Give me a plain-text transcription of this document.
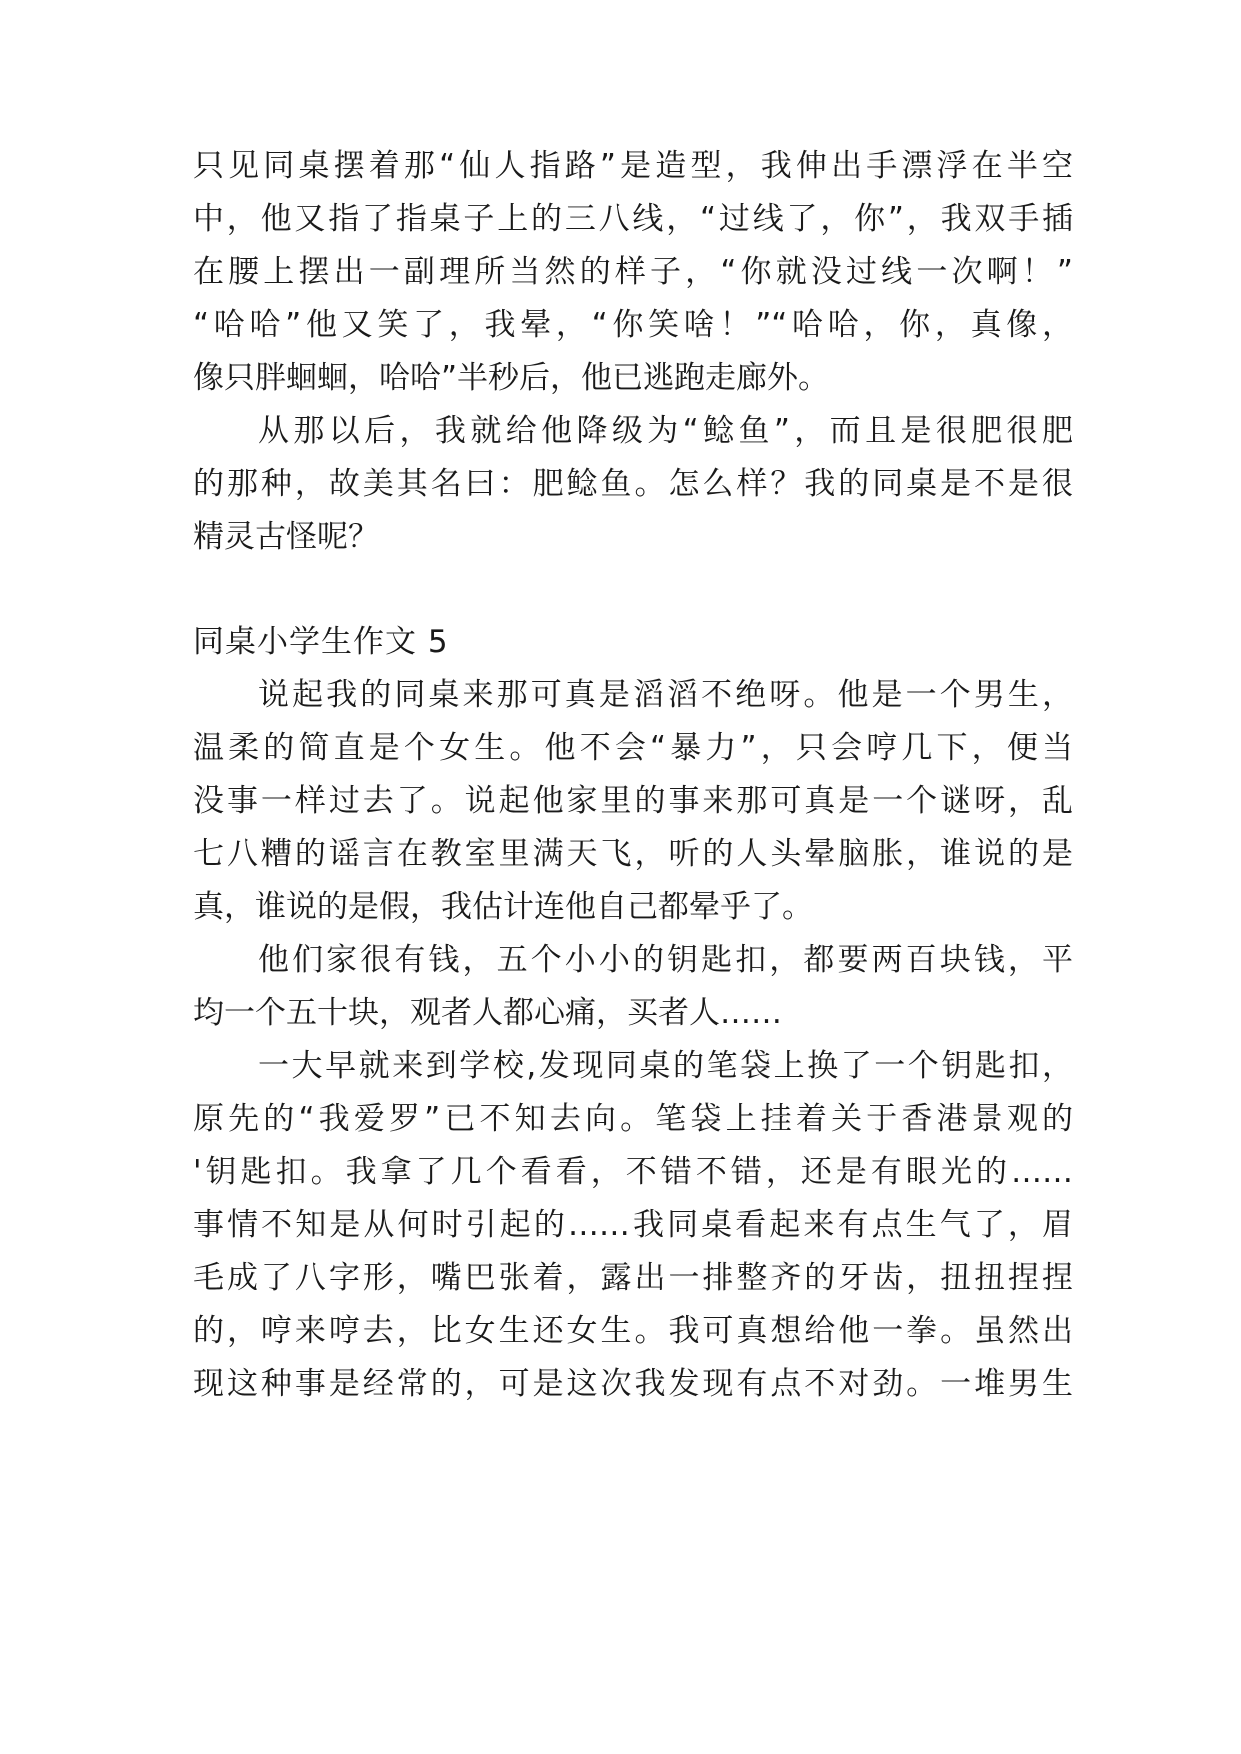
只见同桌摆着那“仙人指路”是造型，我伸出手漂浮在半空
中，他又指了指桌子上的三八线，“过线了，你”，我双手插
在腰上摆出一副理所当然的样子，“你就没过线一次啊！”
“哈哈”他又笑了，我晕，“你笑啥！”“哈哈，你，真像，
像只胖蛔蛔，哈哈”半秒后，他已逃跑走廊外。
从那以后，我就给他降级为“鲶鱼”，而且是很肥很肥
的那种，故美其名曰：肥鲶鱼。怎么样？我的同桌是不是很
精灵古怪呢？
同桌小学生作文 5
说起我的同桌来那可真是滔滔不绝呀。他是一个男生，
温柔的简直是个女生。他不会“暴力”，只会哼几下，便当
没事一样过去了。说起他家里的事来那可真是一个谜呀，乱
七八糟的谣言在教室里满天飞，听的人头晕脑胀，谁说的是
真，谁说的是假，我估计连他自己都晕乎了。
他们家很有钱，五个小小的钥匙扣，都要两百块钱，平
均一个五十块，观者人都心痛，买者人……
一大早就来到学校,发现同桌的笔袋上换了一个钥匙扣，
原先的“我爱罗”已不知去向。笔袋上挂着关于香港景观的
'钥匙扣。我拿了几个看看，不错不错，还是有眼光的……
事情不知是从何时引起的……我同桌看起来有点生气了，眉
毛成了八字形，嘴巴张着，露出一排整齐的牙齿，扭扭捏捏
的，哼来哼去，比女生还女生。我可真想给他一拳。虽然出
现这种事是经常的，可是这次我发现有点不对劲。一堆男生
